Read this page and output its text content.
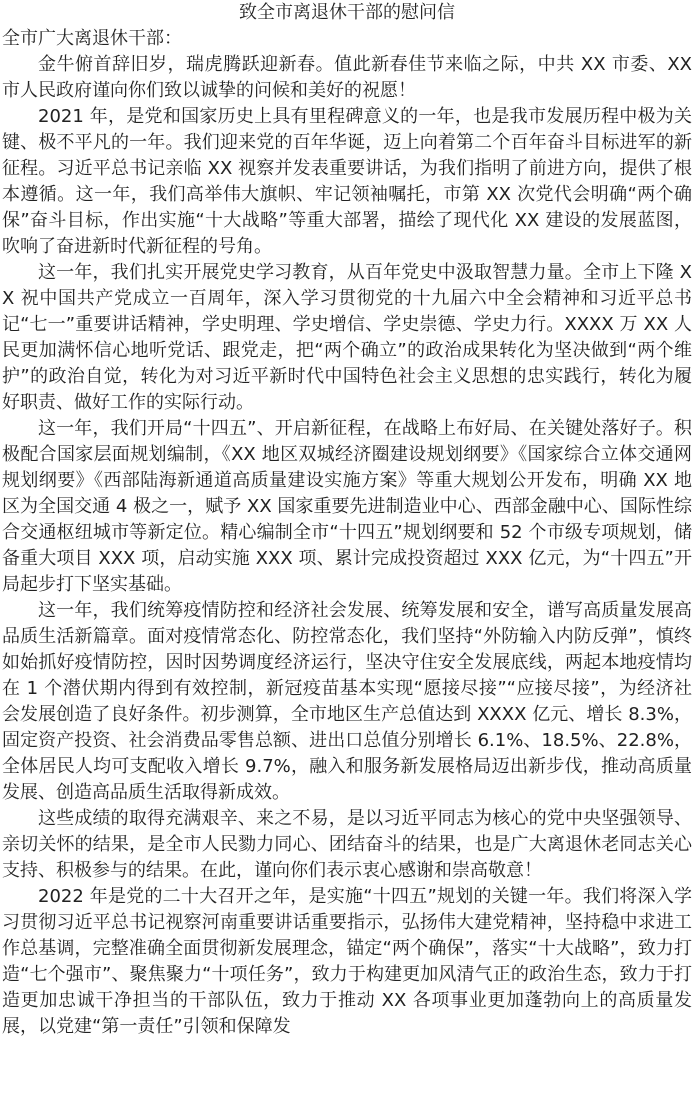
致全市离退休干部的慰问信

全市广大离退休干部：

金牛俯首辞旧岁，瑞虎腾跃迎新春。值此新春佳节来临之际，中共 XX 市委、XX 市人民政府谨向你们致以诚挚的问候和美好的祝愿！

2021 年，是党和国家历史上具有里程碑意义的一年，也是我市发展历程中极为关键、极不平凡的一年。我们迎来党的百年华诞，迈上向着第二个百年奋斗目标进军的新征程。习近平总书记亲临 XX 视察并发表重要讲话，为我们指明了前进方向，提供了根本遵循。这一年，我们高举伟大旗帜、牢记领袖嘱托，市第 XX 次党代会明确“两个确保”奋斗目标，作出实施“十大战略”等重大部署，描绘了现代化 XX 建设的发展蓝图，吹响了奋进新时代新征程的号角。

这一年，我们扎实开展党史学习教育，从百年党史中汲取智慧力量。全市上下隆 XX 祝中国共产党成立一百周年，深入学习贯彻党的十九届六中全会精神和习近平总书记“七一”重要讲话精神，学史明理、学史增信、学史崇德、学史力行。XXXX 万 XX 人民更加满怀信心地听党话、跟党走，把“两个确立”的政治成果转化为坚决做到“两个维护”的政治自觉，转化为对习近平新时代中国特色社会主义思想的忠实践行，转化为履好职责、做好工作的实际行动。

这一年，我们开局“十四五”、开启新征程，在战略上布好局、在关键处落好子。积极配合国家层面规划编制，《XX 地区双城经济圈建设规划纲要》《国家综合立体交通网规划纲要》《西部陆海新通道高质量建设实施方案》等重大规划公开发布，明确 XX 地区为全国交通 4 极之一，赋予 XX 国家重要先进制造业中心、西部金融中心、国际性综合交通枢纽城市等新定位。精心编制全市“十四五”规划纲要和 52 个市级专项规划，储备重大项目 XXX 项，启动实施 XXX 项、累计完成投资超过 XXX 亿元，为“十四五”开局起步打下坚实基础。

这一年，我们统筹疫情防控和经济社会发展、统筹发展和安全，谱写高质量发展高品质生活新篇章。面对疫情常态化、防控常态化，我们坚持“外防输入内防反弹”，慎终如始抓好疫情防控，因时因势调度经济运行，坚决守住安全发展底线，两起本地疫情均在 1 个潜伏期内得到有效控制，新冠疫苗基本实现“愿接尽接”“应接尽接”，为经济社会发展创造了良好条件。初步测算，全市地区生产总值达到 XXXX 亿元、增长 8.3%，固定资产投资、社会消费品零售总额、进出口总值分别增长 6.1%、18.5%、22.8%，全体居民人均可支配收入增长 9.7%，融入和服务新发展格局迈出新步伐，推动高质量发展、创造高品质生活取得新成效。

这些成绩的取得充满艰辛、来之不易，是以习近平同志为核心的党中央坚强领导、亲切关怀的结果，是全市人民勠力同心、团结奋斗的结果，也是广大离退休老同志关心支持、积极参与的结果。在此，谨向你们表示衷心感谢和崇高敬意！

2022 年是党的二十大召开之年，是实施“十四五”规划的关键一年。我们将深入学习贯彻习近平总书记视察河南重要讲话重要指示，弘扬伟大建党精神，坚持稳中求进工作总基调，完整准确全面贯彻新发展理念，锚定“两个确保”，落实“十大战略”，致力打造“七个强市”、聚焦聚力“十项任务”，致力于构建更加风清气正的政治生态，致力于打造更加忠诚干净担当的干部队伍，致力于推动 XX 各项事业更加蓬勃向上的高质量发展，以党建“第一责任”引领和保障发
